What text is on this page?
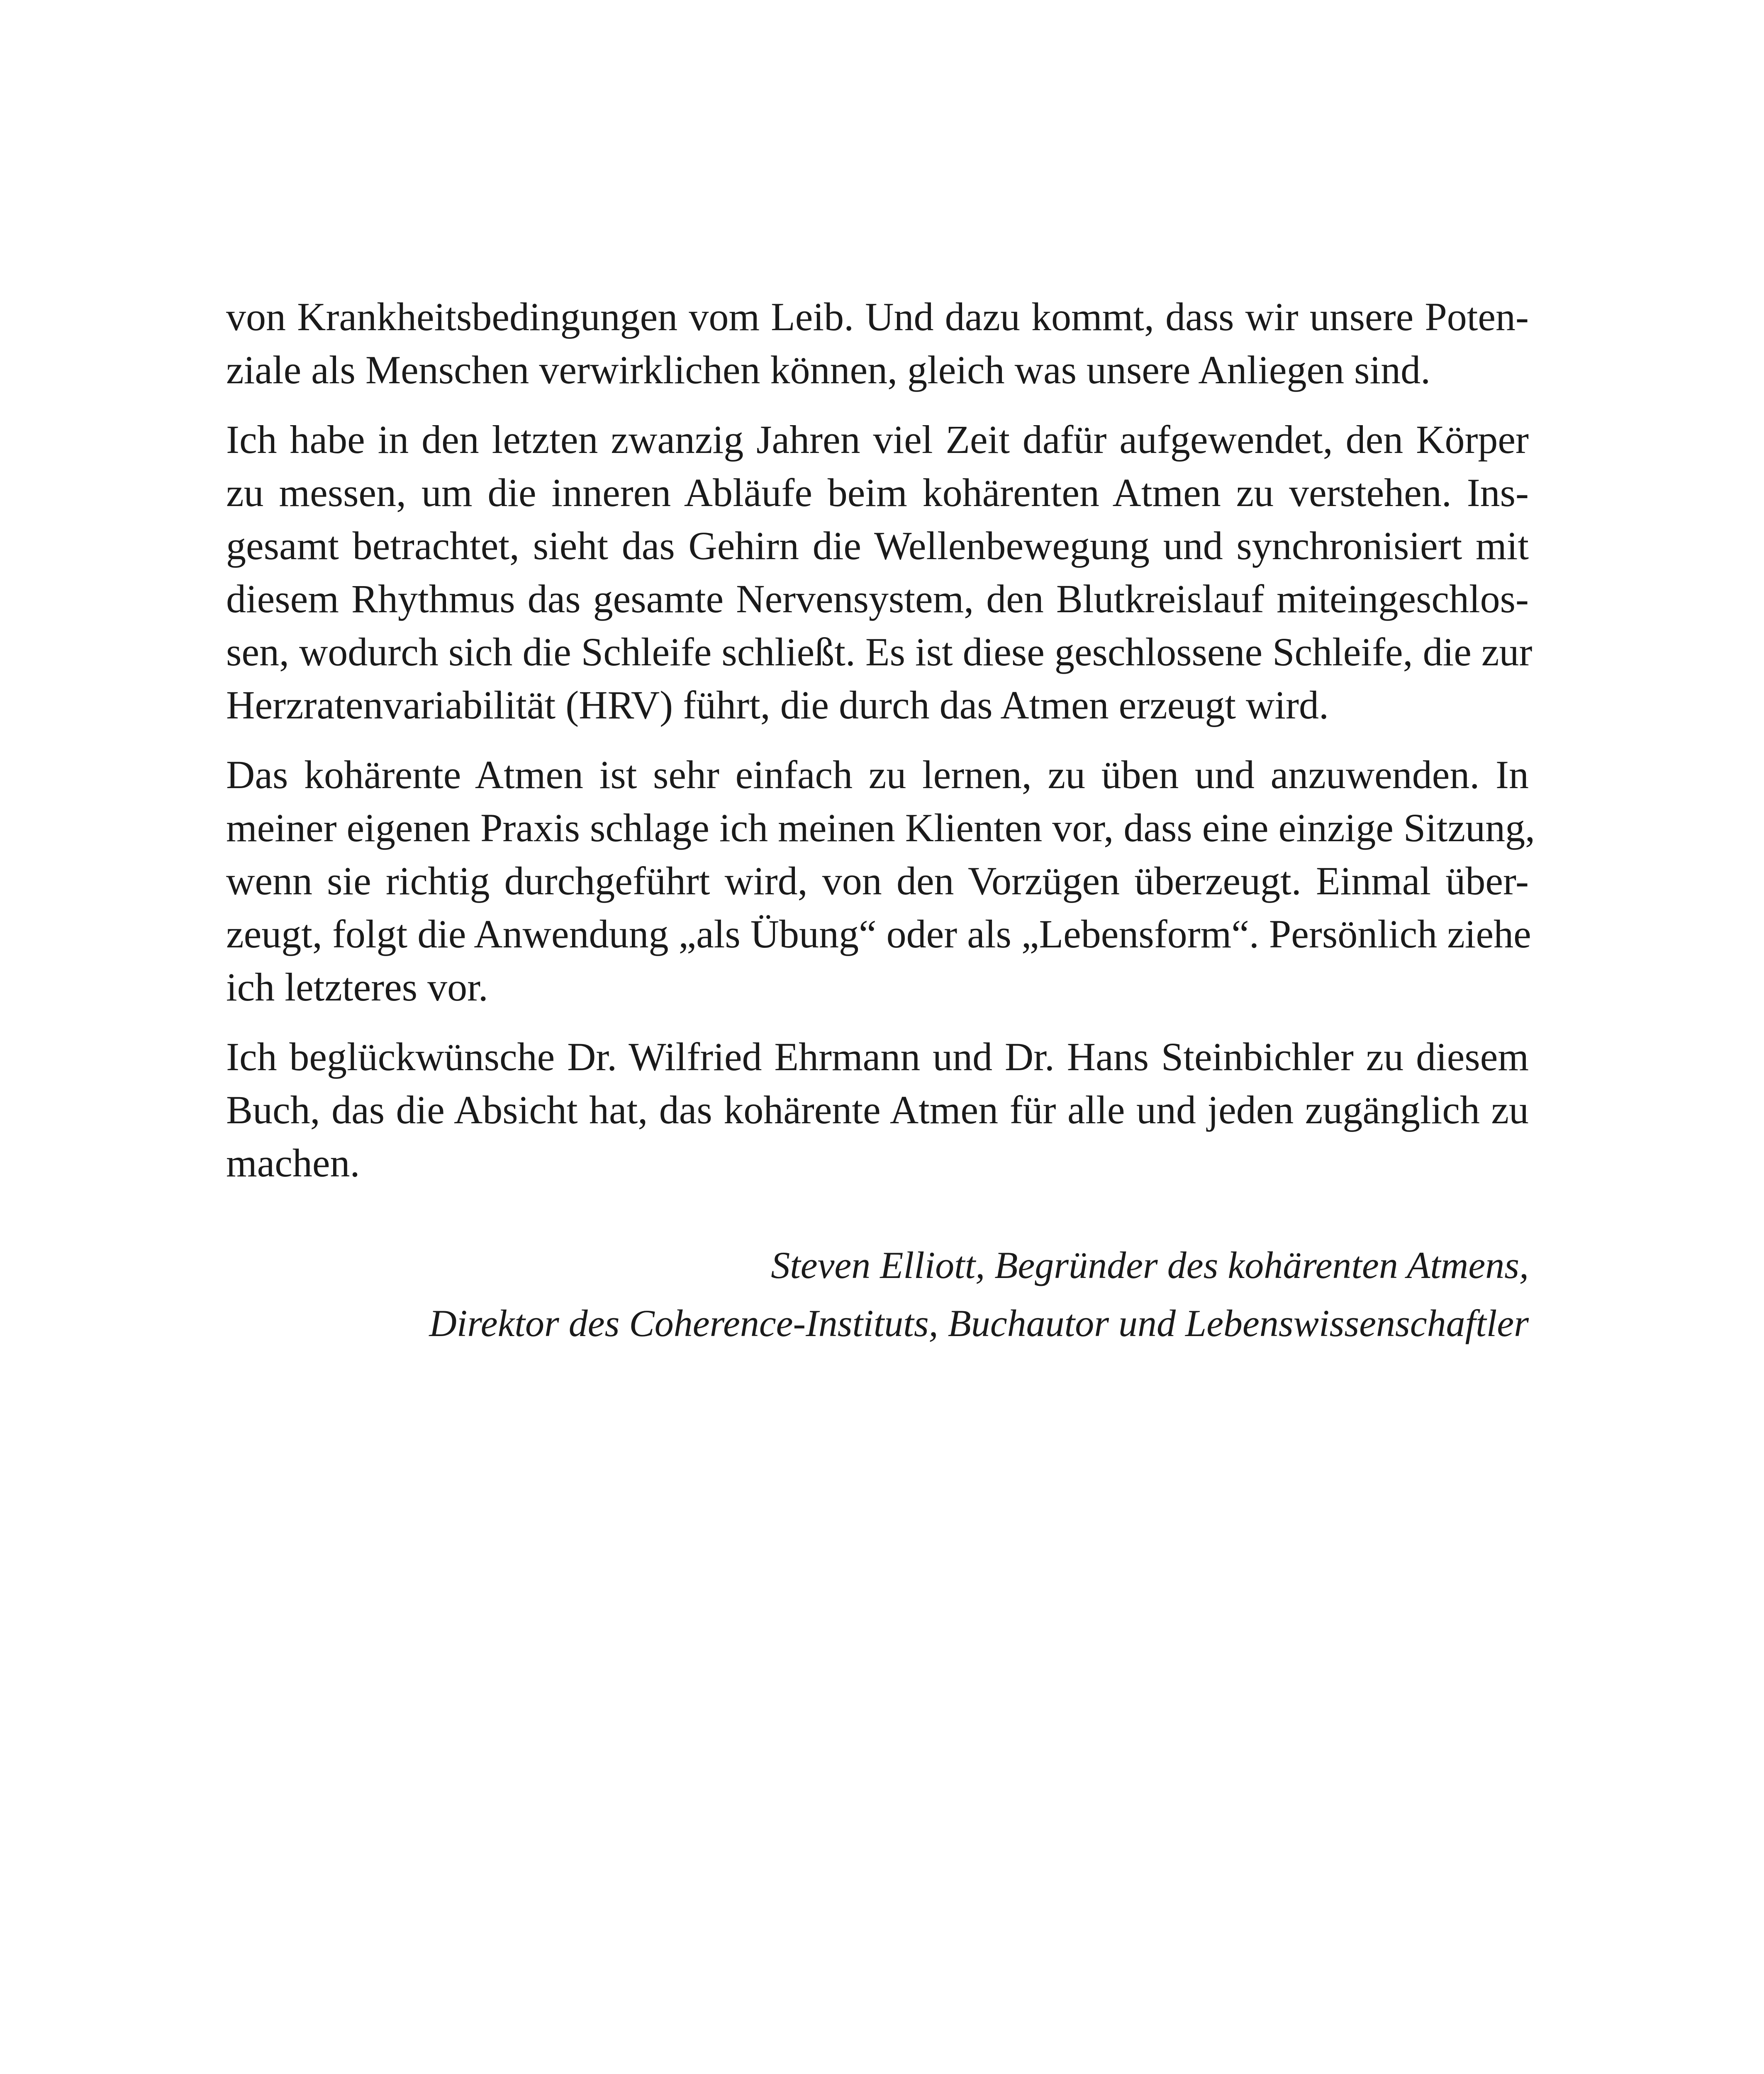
von Krankheitsbedingungen vom Leib. Und dazu kommt, dass wir unsere Poten-
ziale als Menschen verwirklichen können, gleich was unsere Anliegen sind.

Ich habe in den letzten zwanzig Jahren viel Zeit dafür aufgewendet, den Körper
zu messen, um die inneren Abläufe beim kohärenten Atmen zu verstehen. Ins-
gesamt betrachtet, sieht das Gehirn die Wellenbewegung und synchronisiert mit
diesem Rhythmus das gesamte Nervensystem, den Blutkreislauf miteingeschlos-
sen, wodurch sich die Schleife schließt. Es ist diese geschlossene Schleife, die zur
Herzratenvariabilität (HRV) führt, die durch das Atmen erzeugt wird.

Das kohärente Atmen ist sehr einfach zu lernen, zu üben und anzuwenden. In
meiner eigenen Praxis schlage ich meinen Klienten vor, dass eine einzige Sitzung,
wenn sie richtig durchgeführt wird, von den Vorzügen überzeugt. Einmal über-
zeugt, folgt die Anwendung „als Übung“ oder als „Lebensform“. Persönlich ziehe
ich letzteres vor.

Ich beglückwünsche Dr. Wilfried Ehrmann und Dr. Hans Steinbichler zu diesem
Buch, das die Absicht hat, das kohärente Atmen für alle und jeden zugänglich zu
machen.

Steven Elliott, Begründer des kohärenten Atmens,
Direktor des Coherence-Instituts, Buchautor und Lebenswissenschaftler
